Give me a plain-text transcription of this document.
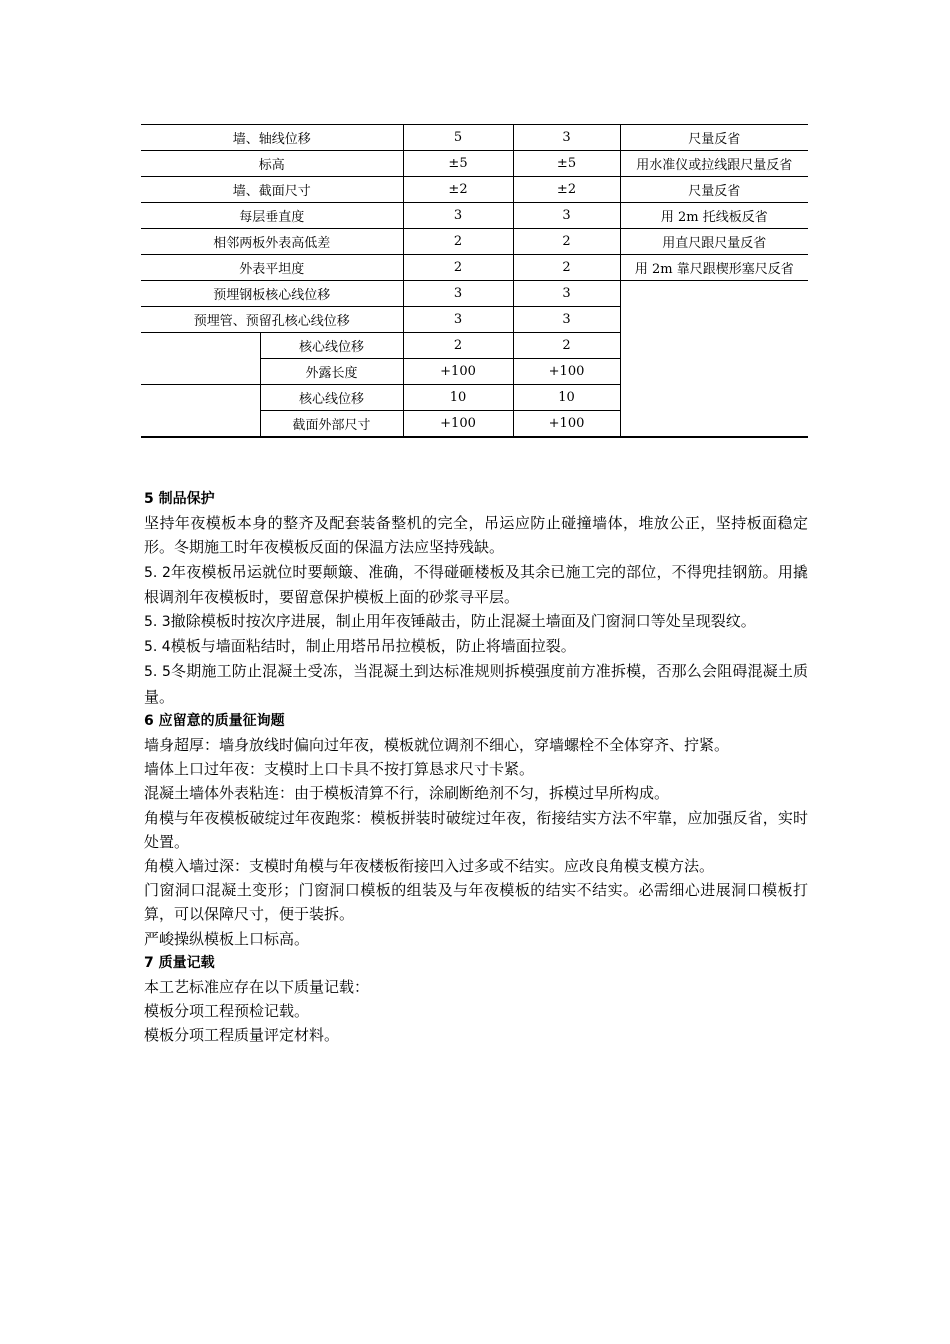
墙、轴线位移		5	3	尺量反省
标高		±5	±5	用水准仪或拉线跟尺量反省
墙、截面尺寸		±2	±2	尺量反省
每层垂直度		3	3	用 2m 托线板反省
相邻两板外表高低差		2	2	用直尺跟尺量反省
外表平坦度		2	2	用 2m 靠尺跟楔形塞尺反省
预埋钢板核心线位移		3	3	
预埋管、预留孔核心线位移		3	3	
	核心线位移	2	2	
	外露长度	+100	+100	
	核心线位移	10	10	
	截面外部尺寸	+100	+100	

5 制品保护

坚持年夜模板本身的整齐及配套装备整机的完全，吊运应防止碰撞墙体，堆放公正，坚持板面稳定形。冬期施工时年夜模板反面的保温方法应坚持残缺。

5. 2年夜模板吊运就位时要颠簸、准确，不得碰砸楼板及其余已施工完的部位，不得兜挂钢筋。用撬根调剂年夜模板时，要留意保护模板上面的砂浆寻平层。

5. 3撤除模板时按次序进展，制止用年夜锤敲击，防止混凝土墙面及门窗洞口等处呈现裂纹。

5. 4模板与墙面粘结时，制止用塔吊吊拉模板，防止将墙面拉裂。

5. 5冬期施工防止混凝土受冻，当混凝土到达标准规则拆模强度前方准拆模，否那么会阻碍混凝土质量。

6 应留意的质量征询题

墙身超厚：墙身放线时偏向过年夜，模板就位调剂不细心，穿墙螺栓不全体穿齐、拧紧。

墙体上口过年夜：支模时上口卡具不按打算恳求尺寸卡紧。

混凝土墙体外表粘连：由于模板清算不行，涂刷断绝剂不匀，拆模过早所构成。

角模与年夜模板破绽过年夜跑浆：模板拼装时破绽过年夜，衔接结实方法不牢靠，应加强反省，实时处置。

角模入墙过深：支模时角模与年夜楼板衔接凹入过多或不结实。应改良角模支模方法。

门窗洞口混凝土变形；门窗洞口模板的组装及与年夜模板的结实不结实。必需细心进展洞口模板打算，可以保障尺寸，便于装拆。

严峻操纵模板上口标高。

7 质量记载

本工艺标准应存在以下质量记载：

模板分项工程预检记载。

模板分项工程质量评定材料。
